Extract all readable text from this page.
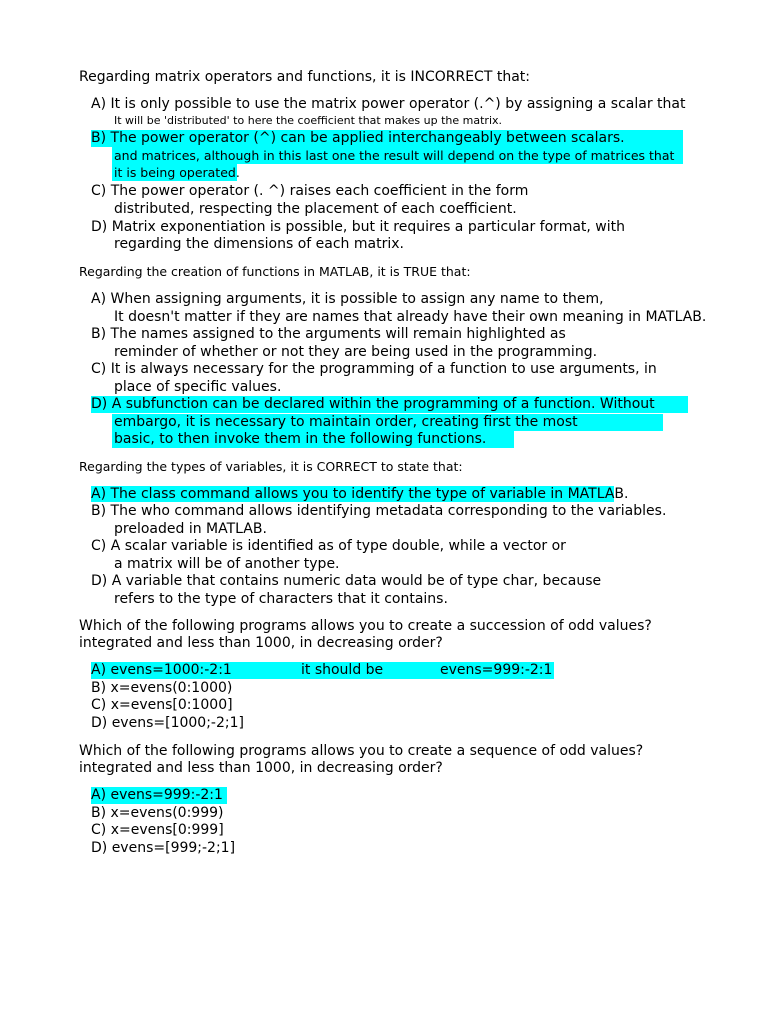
Regarding matrix operators and functions, it is INCORRECT that:
A) It is only possible to use the matrix power operator (.^) by assigning a scalar that
It will be 'distributed' to here the coefficient that makes up the matrix.
B) The power operator (^) can be applied interchangeably between scalars.
and matrices, although in this last one the result will depend on the type of matrices that
it is being operated.
C) The power operator (. ^) raises each coefficient in the form
distributed, respecting the placement of each coefficient.
D) Matrix exponentiation is possible, but it requires a particular format, with
regarding the dimensions of each matrix.
Regarding the creation of functions in MATLAB, it is TRUE that:
A) When assigning arguments, it is possible to assign any name to them,
It doesn't matter if they are names that already have their own meaning in MATLAB.
B) The names assigned to the arguments will remain highlighted as
reminder of whether or not they are being used in the programming.
C) It is always necessary for the programming of a function to use arguments, in
place of specific values.
D) A subfunction can be declared within the programming of a function. Without
embargo, it is necessary to maintain order, creating first the most
basic, to then invoke them in the following functions.
Regarding the types of variables, it is CORRECT to state that:
A) The class command allows you to identify the type of variable in MATLAB.
B) The who command allows identifying metadata corresponding to the variables.
preloaded in MATLAB.
C) A scalar variable is identified as of type double, while a vector or
a matrix will be of another type.
D) A variable that contains numeric data would be of type char, because
refers to the type of characters that it contains.
Which of the following programs allows you to create a succession of odd values?
integrated and less than 1000, in decreasing order?
A) evens=1000:-2:1	it should be	evens=999:-2:1
B) x=evens(0:1000)
C) x=evens[0:1000]
D) evens=[1000;-2;1]
Which of the following programs allows you to create a sequence of odd values?
integrated and less than 1000, in decreasing order?
A) evens=999:-2:1
B) x=evens(0:999)
C) x=evens[0:999]
D) evens=[999;-2;1]
